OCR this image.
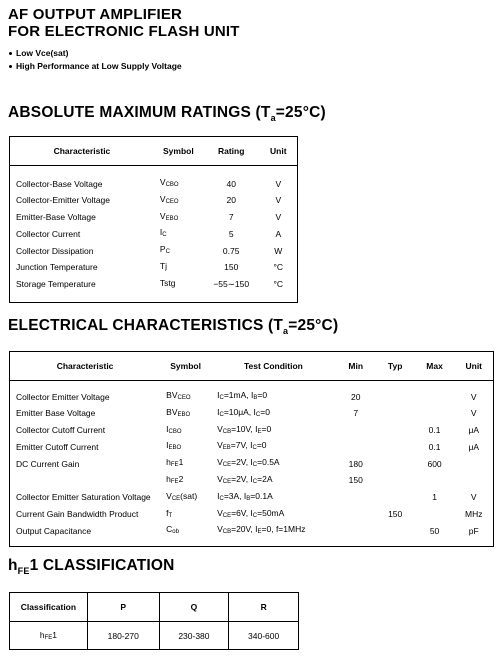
AF OUTPUT AMPLIFIER
FOR ELECTRONIC FLASH UNIT
Low Vce(sat)
High Performance at Low Supply Voltage
ABSOLUTE MAXIMUM RATINGS $(T_a=25^\circ C)$
Characteristic	Symbol	Rating	Unit
Collector-Base Voltage	VCBO	40	V
Collector-Emitter Voltage	VCEO	20	V
Emitter-Base Voltage	VEBO	7	V
Collector Current	IC	5	A
Collector Dissipation	PC	0.75	W
Junction Temperature	Tj	150	°C
Storage Temperature	Tstg	−55∼150	°C
ELECTRICAL CHARACTERISTICS $(T_a=25^\circ C)$
Characteristic	Symbol	Test Condition	Min	Typ	Max	Unit
Collector Emitter Voltage	BVCEO	IC=1mA, IB=0	20			V
Emitter Base Voltage	BVEBO	IC=10μA, IC=0	7			V
Collector Cutoff Current	ICBO	VCB=10V, IE=0			0.1	μA
Emitter Cutoff Current	IEBO	VEB=7V, IC=0			0.1	μA
DC Current Gain	hFE1	VCE=2V, IC=0.5A	180		600	
	hFE2	VCE=2V, IC=2A	150			
Collector Emitter Saturation Voltage	VCE(sat)	IC=3A, IB=0.1A			1	V
Current Gain Bandwidth Product	fT	VCE=6V, IC=50mA		150		MHz
Output Capacitance	Cob	VCB=20V, IE=0, f=1MHz			50	pF
$h_{FE}1$ CLASSIFICATION
Classification	P	Q	R
hFE1	180-270	230-380	340-600
